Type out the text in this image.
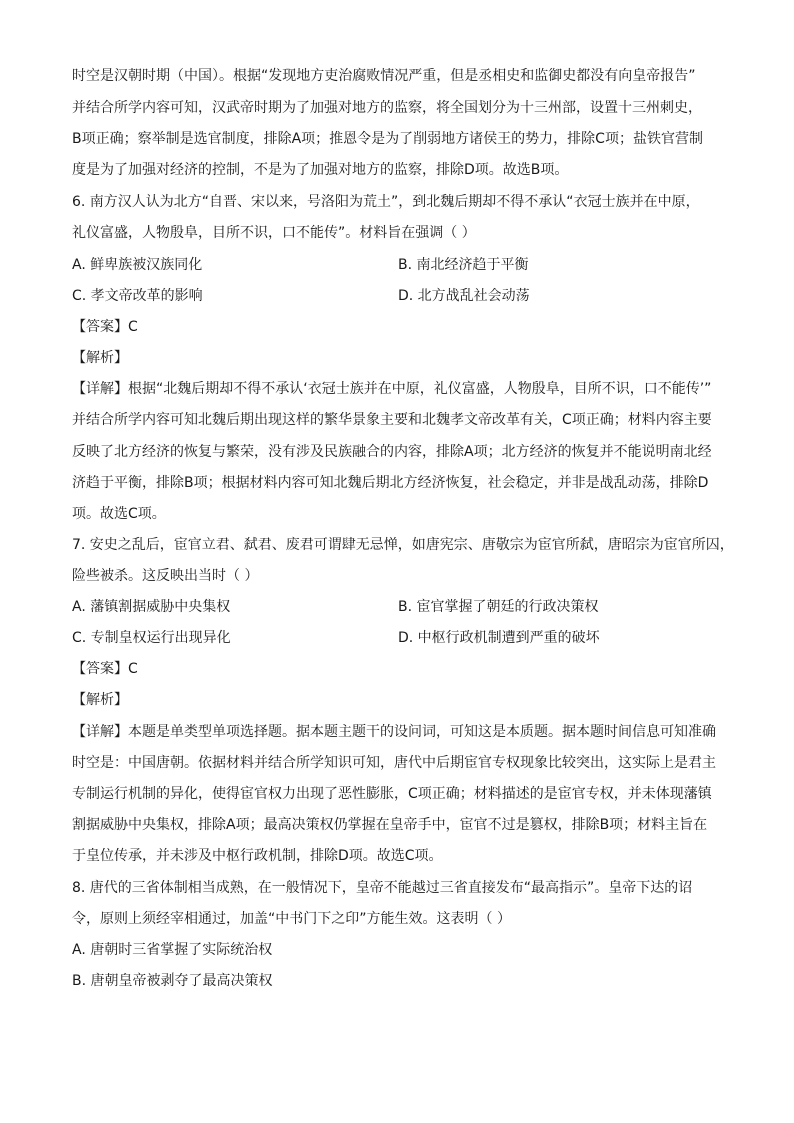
时空是汉朝时期（中国）。根据“发现地方吏治腐败情况严重，但是丞相史和监御史都没有向皇帝报告”
并结合所学内容可知，汉武帝时期为了加强对地方的监察，将全国划分为十三州部，设置十三州刺史，
B项正确；察举制是选官制度，排除A项；推恩令是为了削弱地方诸侯王的势力，排除C项；盐铁官营制
度是为了加强对经济的控制，不是为了加强对地方的监察，排除D项。故选B项。
6. 南方汉人认为北方“自晋、宋以来，号洛阳为荒土”，到北魏后期却不得不承认“衣冠士族并在中原，
礼仪富盛，人物殷阜，目所不识，口不能传”。材料旨在强调（ ）
A. 鲜卑族被汉族同化	B. 南北经济趋于平衡
C. 孝文帝改革的影响	D. 北方战乱社会动荡
【答案】C
【解析】
【详解】根据“北魏后期却不得不承认‘衣冠士族并在中原，礼仪富盛，人物殷阜，目所不识，口不能传’”
并结合所学内容可知北魏后期出现这样的繁华景象主要和北魏孝文帝改革有关，C项正确；材料内容主要
反映了北方经济的恢复与繁荣，没有涉及民族融合的内容，排除A项；北方经济的恢复并不能说明南北经
济趋于平衡，排除B项；根据材料内容可知北魏后期北方经济恢复，社会稳定，并非是战乱动荡，排除D
项。故选C项。
7. 安史之乱后，宦官立君、弑君、废君可谓肆无忌惮，如唐宪宗、唐敬宗为宦官所弑，唐昭宗为宦官所囚，
险些被杀。这反映出当时（ ）
A. 藩镇割据威胁中央集权	B. 宦官掌握了朝廷的行政决策权
C. 专制皇权运行出现异化	D. 中枢行政机制遭到严重的破坏
【答案】C
【解析】
【详解】本题是单类型单项选择题。据本题主题干的设问词，可知这是本质题。据本题时间信息可知准确
时空是：中国唐朝。依据材料并结合所学知识可知，唐代中后期宦官专权现象比较突出，这实际上是君主
专制运行机制的异化，使得宦官权力出现了恶性膨胀，C项正确；材料描述的是宦官专权，并未体现藩镇
割据威胁中央集权，排除A项；最高决策权仍掌握在皇帝手中，宦官不过是篡权，排除B项；材料主旨在
于皇位传承，并未涉及中枢行政机制，排除D项。故选C项。
8. 唐代的三省体制相当成熟，在一般情况下，皇帝不能越过三省直接发布“最高指示”。皇帝下达的诏
令，原则上须经宰相通过，加盖“中书门下之印”方能生效。这表明（ ）
A. 唐朝时三省掌握了实际统治权
B. 唐朝皇帝被剥夺了最高决策权
